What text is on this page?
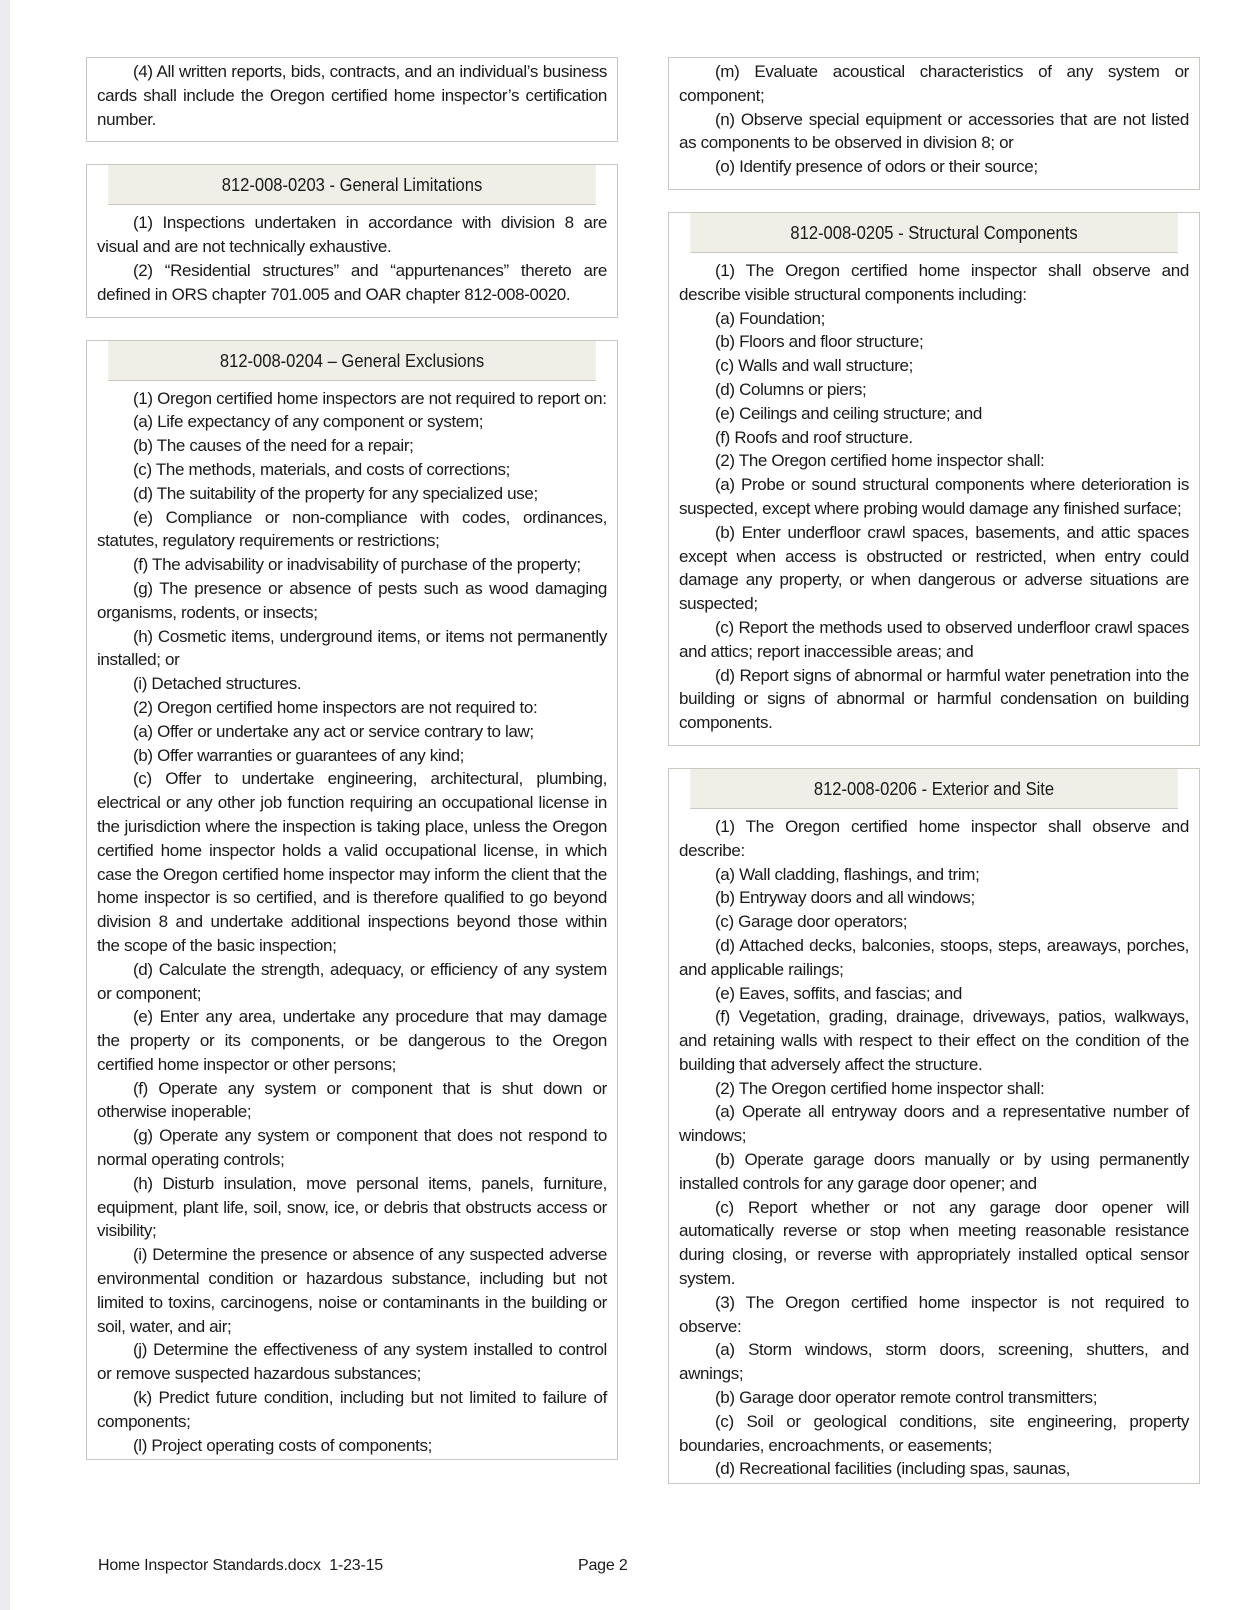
(4) All written reports, bids, contracts, and an individual’s business cards shall include the Oregon certified home inspector’s certification number.

812-008-0203 - General Limitations

(1) Inspections undertaken in accordance with division 8 are visual and are not technically exhaustive.

(2) “Residential structures” and “appurtenances” thereto are defined in ORS chapter 701.005 and OAR chapter 812-008-0020.

812-008-0204 – General Exclusions

(1) Oregon certified home inspectors are not required to report on:

(a) Life expectancy of any component or system;

(b) The causes of the need for a repair;

(c) The methods, materials, and costs of corrections;

(d) The suitability of the property for any specialized use;

(e) Compliance or non-compliance with codes, ordinances, statutes, regulatory requirements or restrictions;

(f) The advisability or inadvisability of purchase of the property;

(g) The presence or absence of pests such as wood damaging organisms, rodents, or insects;

(h) Cosmetic items, underground items, or items not permanently installed; or

(i) Detached structures.

(2) Oregon certified home inspectors are not required to:

(a) Offer or undertake any act or service contrary to law;

(b) Offer warranties or guarantees of any kind;

(c) Offer to undertake engineering, architectural, plumbing, electrical or any other job function requiring an occupational license in the jurisdiction where the inspection is taking place, unless the Oregon certified home inspector holds a valid occupational license, in which case the Oregon certified home inspector may inform the client that the home inspector is so certified, and is therefore qualified to go beyond division 8 and undertake additional inspections beyond those within the scope of the basic inspection;

(d) Calculate the strength, adequacy, or efficiency of any system or component;

(e) Enter any area, undertake any procedure that may damage the property or its components, or be dangerous to the Oregon certified home inspector or other persons;

(f) Operate any system or component that is shut down or otherwise inoperable;

(g) Operate any system or component that does not respond to normal operating controls;

(h) Disturb insulation, move personal items, panels, furniture, equipment, plant life, soil, snow, ice, or debris that obstructs access or visibility;

(i) Determine the presence or absence of any suspected adverse environmental condition or hazardous substance, including but not limited to toxins, carcinogens, noise or contaminants in the building or soil, water, and air;

(j) Determine the effectiveness of any system installed to control or remove suspected hazardous substances;

(k) Predict future condition, including but not limited to failure of components;

(l) Project operating costs of components;

(m) Evaluate acoustical characteristics of any system or component;

(n) Observe special equipment or accessories that are not listed as components to be observed in division 8; or

(o) Identify presence of odors or their source;

812-008-0205 - Structural Components

(1) The Oregon certified home inspector shall observe and describe visible structural components including:

(a) Foundation;

(b) Floors and floor structure;

(c) Walls and wall structure;

(d) Columns or piers;

(e) Ceilings and ceiling structure; and

(f) Roofs and roof structure.

(2) The Oregon certified home inspector shall:

(a) Probe or sound structural components where deterioration is suspected, except where probing would damage any finished surface;

(b) Enter underfloor crawl spaces, basements, and attic spaces except when access is obstructed or restricted, when entry could damage any property, or when dangerous or adverse situations are suspected;

(c) Report the methods used to observed underfloor crawl spaces and attics; report inaccessible areas; and

(d) Report signs of abnormal or harmful water penetration into the building or signs of abnormal or harmful condensation on building components.

812-008-0206 - Exterior and Site

(1) The Oregon certified home inspector shall observe and describe:

(a) Wall cladding, flashings, and trim;

(b) Entryway doors and all windows;

(c) Garage door operators;

(d) Attached decks, balconies, stoops, steps, areaways, porches, and applicable railings;

(e) Eaves, soffits, and fascias; and

(f) Vegetation, grading, drainage, driveways, patios, walkways, and retaining walls with respect to their effect on the condition of the building that adversely affect the structure.

(2) The Oregon certified home inspector shall:

(a) Operate all entryway doors and a representative number of windows;

(b) Operate garage doors manually or by using permanently installed controls for any garage door opener; and

(c) Report whether or not any garage door opener will automatically reverse or stop when meeting reasonable resistance during closing, or reverse with appropriately installed optical sensor system.

(3) The Oregon certified home inspector is not required to observe:

(a) Storm windows, storm doors, screening, shutters, and awnings;

(b) Garage door operator remote control transmitters;

(c) Soil or geological conditions, site engineering, property boundaries, encroachments, or easements;

(d) Recreational facilities (including spas, saunas,

Home Inspector Standards.docx  1-23-15	Page 2
